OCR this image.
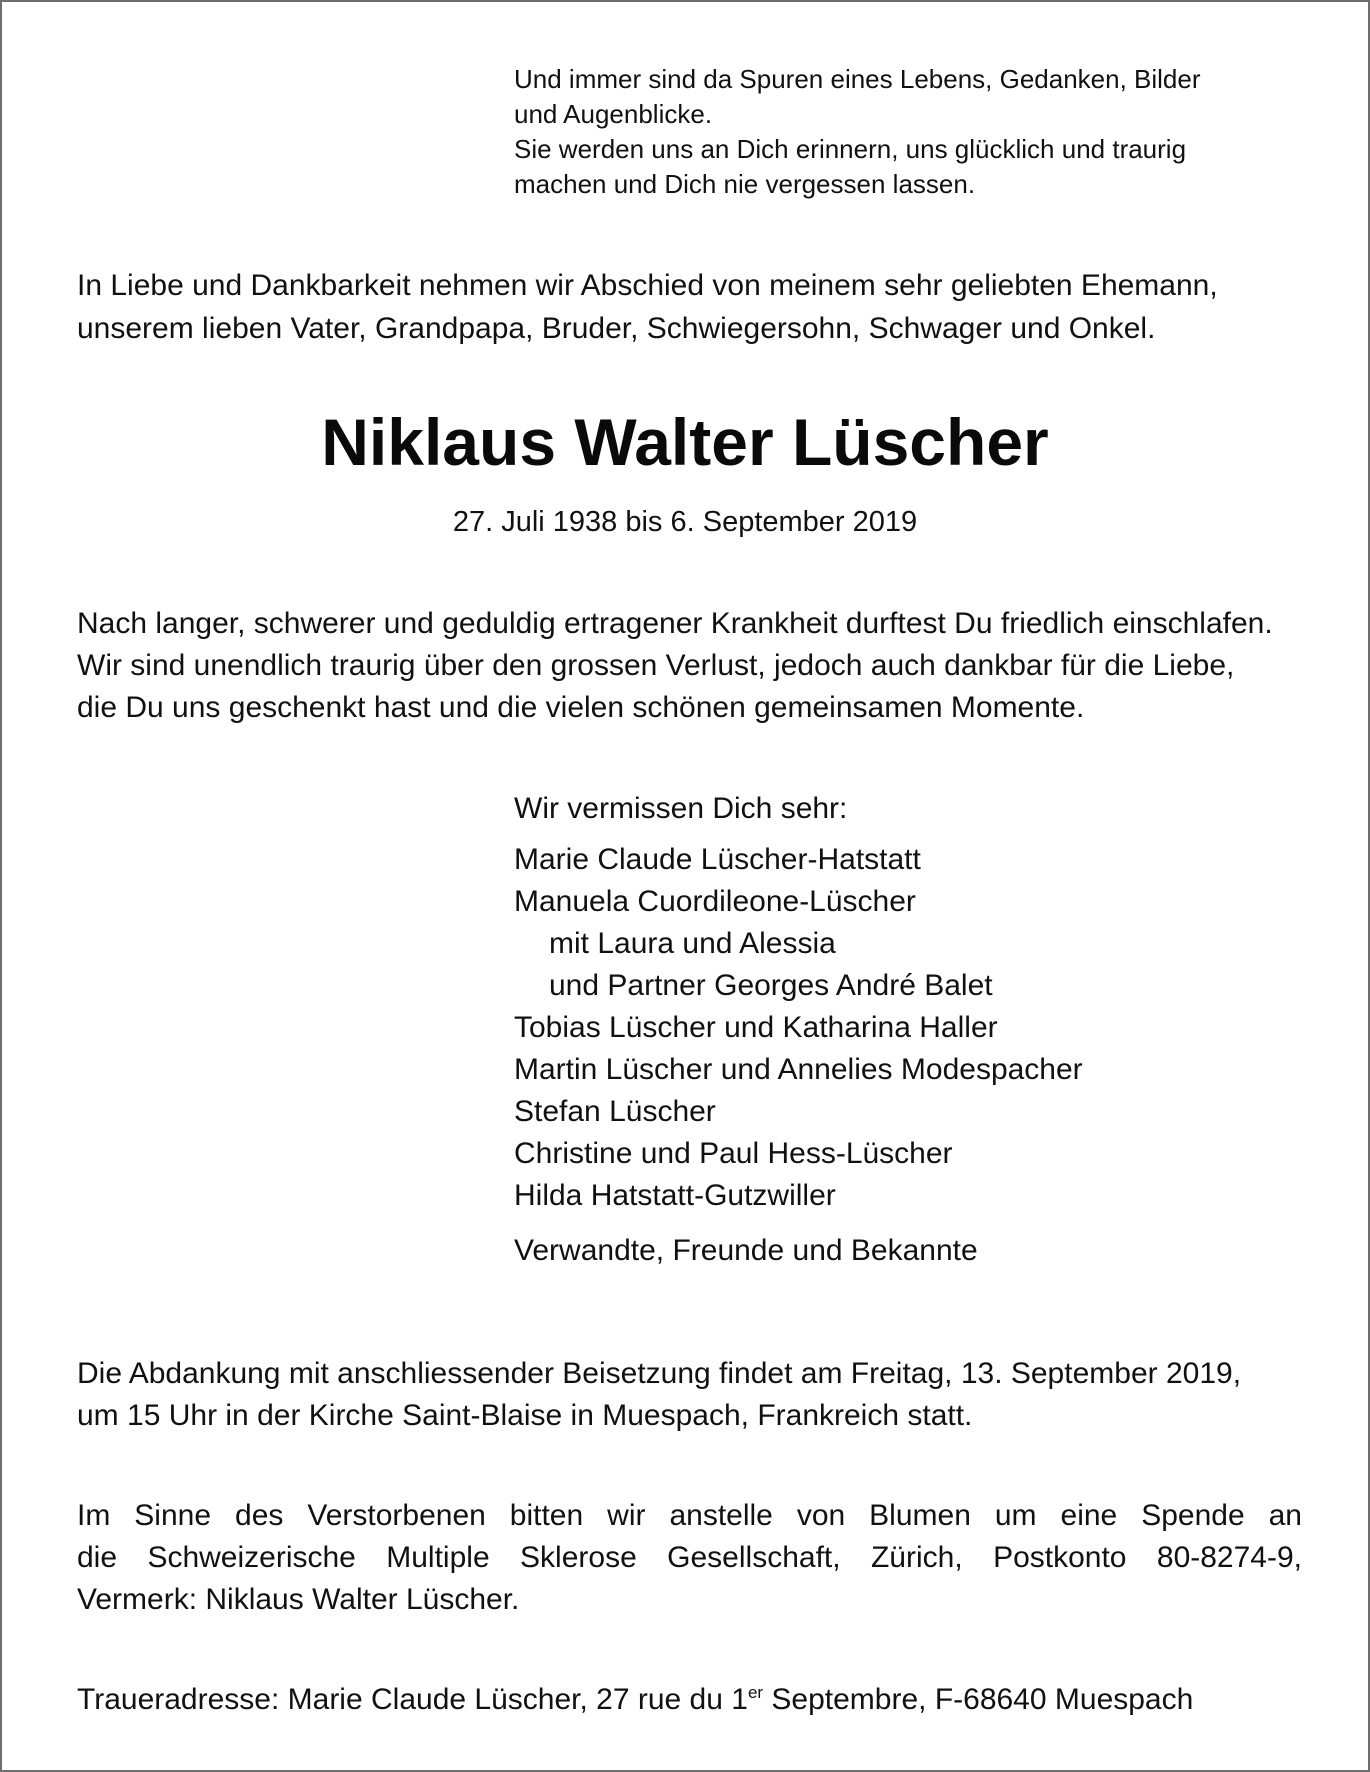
Und immer sind da Spuren eines Lebens, Gedanken, Bilder
und Augenblicke.
Sie werden uns an Dich erinnern, uns glücklich und traurig
machen und Dich nie vergessen lassen.
In Liebe und Dankbarkeit nehmen wir Abschied von meinem sehr geliebten Ehemann,
unserem lieben Vater, Grandpapa, Bruder, Schwiegersohn, Schwager und Onkel.
Niklaus Walter Lüscher
27. Juli 1938 bis 6. September 2019
Nach langer, schwerer und geduldig ertragener Krankheit durftest Du friedlich einschlafen.
Wir sind unendlich traurig über den grossen Verlust, jedoch auch dankbar für die Liebe,
die Du uns geschenkt hast und die vielen schönen gemeinsamen Momente.
Wir vermissen Dich sehr:
Marie Claude Lüscher-Hatstatt
Manuela Cuordileone-Lüscher
mit Laura und Alessia
und Partner Georges André Balet
Tobias Lüscher und Katharina Haller
Martin Lüscher und Annelies Modespacher
Stefan Lüscher
Christine und Paul Hess-Lüscher
Hilda Hatstatt-Gutzwiller
Verwandte, Freunde und Bekannte
Die Abdankung mit anschliessender Beisetzung findet am Freitag, 13. September 2019,
um 15 Uhr in der Kirche Saint-Blaise in Muespach, Frankreich statt.
Im Sinne des Verstorbenen bitten wir anstelle von Blumen um eine Spende an
die Schweizerische Multiple Sklerose Gesellschaft, Zürich, Postkonto 80-8274-9,
Vermerk: Niklaus Walter Lüscher.
Traueradresse: Marie Claude Lüscher, 27 rue du 1er Septembre, F-68640 Muespach
